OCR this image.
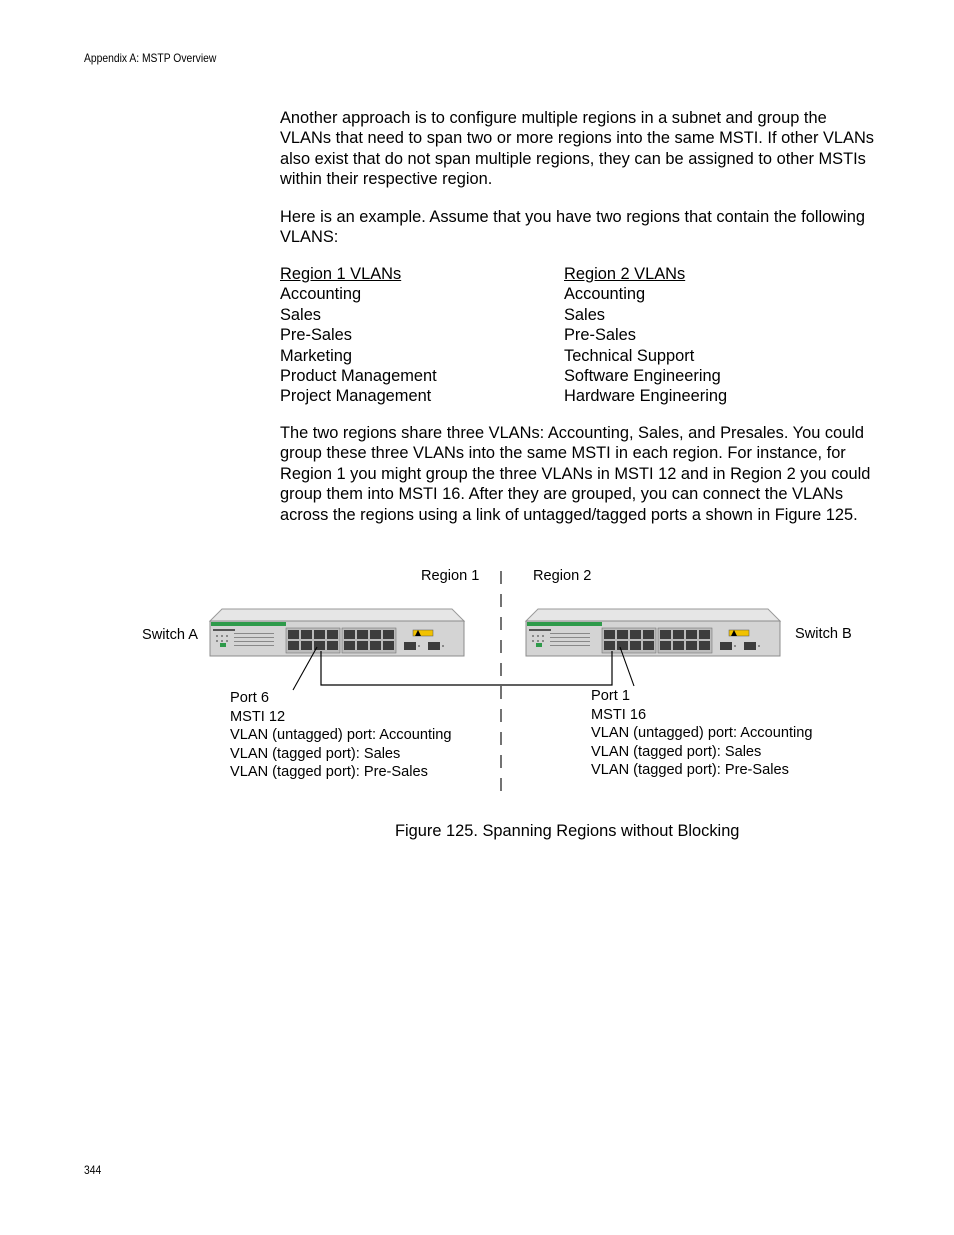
Appendix A: MSTP Overview

Another approach is to configure multiple regions in a subnet and group the VLANs that need to span two or more regions into the same MSTI. If other VLANs also exist that do not span multiple regions, they can be assigned to other MSTIs within their respective region.

Here is an example. Assume that you have two regions that contain the following VLANS:

Region 1 VLANs
Accounting
Sales
Pre-Sales
Marketing
Product Management
Project Management
Region 2 VLANs
Accounting
Sales
Pre-Sales
Technical Support
Software Engineering
Hardware Engineering

The two regions share three VLANs: Accounting, Sales, and Presales. You could group these three VLANs into the same MSTI in each region. For instance, for Region 1 you might group the three VLANs in MSTI 12 and in Region 2 you could group them into MSTI 16. After they are grouped, you can connect the VLANs across the regions using a link of untagged/tagged ports a shown in Figure 125.

Region 1	Region 2
Switch A	Switch B
Port 6
MSTI 12
VLAN (untagged) port: Accounting
VLAN (tagged port): Sales
VLAN (tagged port): Pre-Sales
Port 1
MSTI 16
VLAN (untagged) port: Accounting
VLAN (tagged port): Sales
VLAN (tagged port): Pre-Sales
Figure 125. Spanning Regions without Blocking
344
